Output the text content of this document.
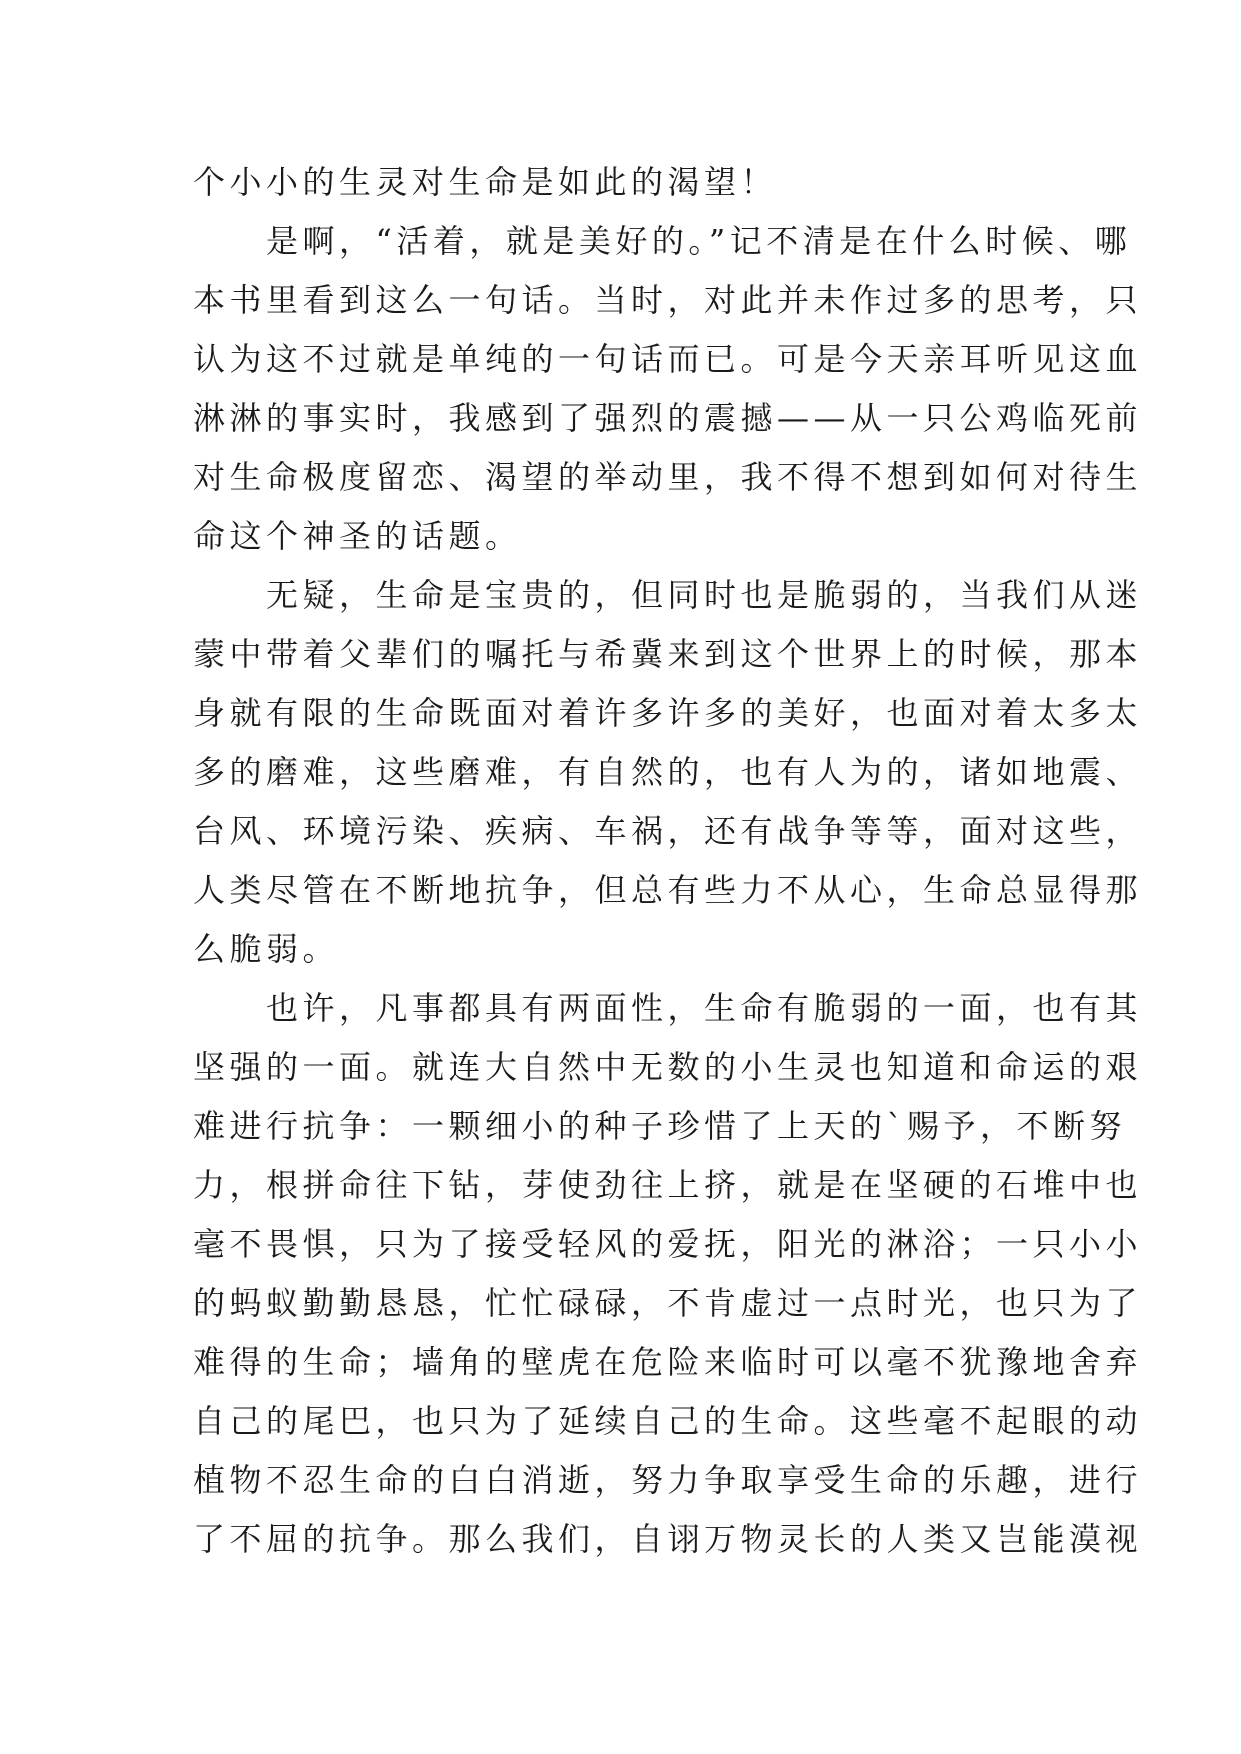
个小小的生灵对生命是如此的渴望！
　　是啊，“活着，就是美好的。”记不清是在什么时候、哪
本书里看到这么一句话。当时，对此并未作过多的思考，只
认为这不过就是单纯的一句话而已。可是今天亲耳听见这血
淋淋的事实时，我感到了强烈的震撼——从一只公鸡临死前
对生命极度留恋、渴望的举动里，我不得不想到如何对待生
命这个神圣的话题。
　　无疑，生命是宝贵的，但同时也是脆弱的，当我们从迷
蒙中带着父辈们的嘱托与希冀来到这个世界上的时候，那本
身就有限的生命既面对着许多许多的美好，也面对着太多太
多的磨难，这些磨难，有自然的，也有人为的，诸如地震、
台风、环境污染、疾病、车祸，还有战争等等，面对这些，
人类尽管在不断地抗争，但总有些力不从心，生命总显得那
么脆弱。
　　也许，凡事都具有两面性，生命有脆弱的一面，也有其
坚强的一面。就连大自然中无数的小生灵也知道和命运的艰
难进行抗争：一颗细小的种子珍惜了上天的`赐予，不断努
力，根拼命往下钻，芽使劲往上挤，就是在坚硬的石堆中也
毫不畏惧，只为了接受轻风的爱抚，阳光的淋浴；一只小小
的蚂蚁勤勤恳恳，忙忙碌碌，不肯虚过一点时光，也只为了
难得的生命；墙角的壁虎在危险来临时可以毫不犹豫地舍弃
自己的尾巴，也只为了延续自己的生命。这些毫不起眼的动
植物不忍生命的白白消逝，努力争取享受生命的乐趣，进行
了不屈的抗争。那么我们，自诩万物灵长的人类又岂能漠视
